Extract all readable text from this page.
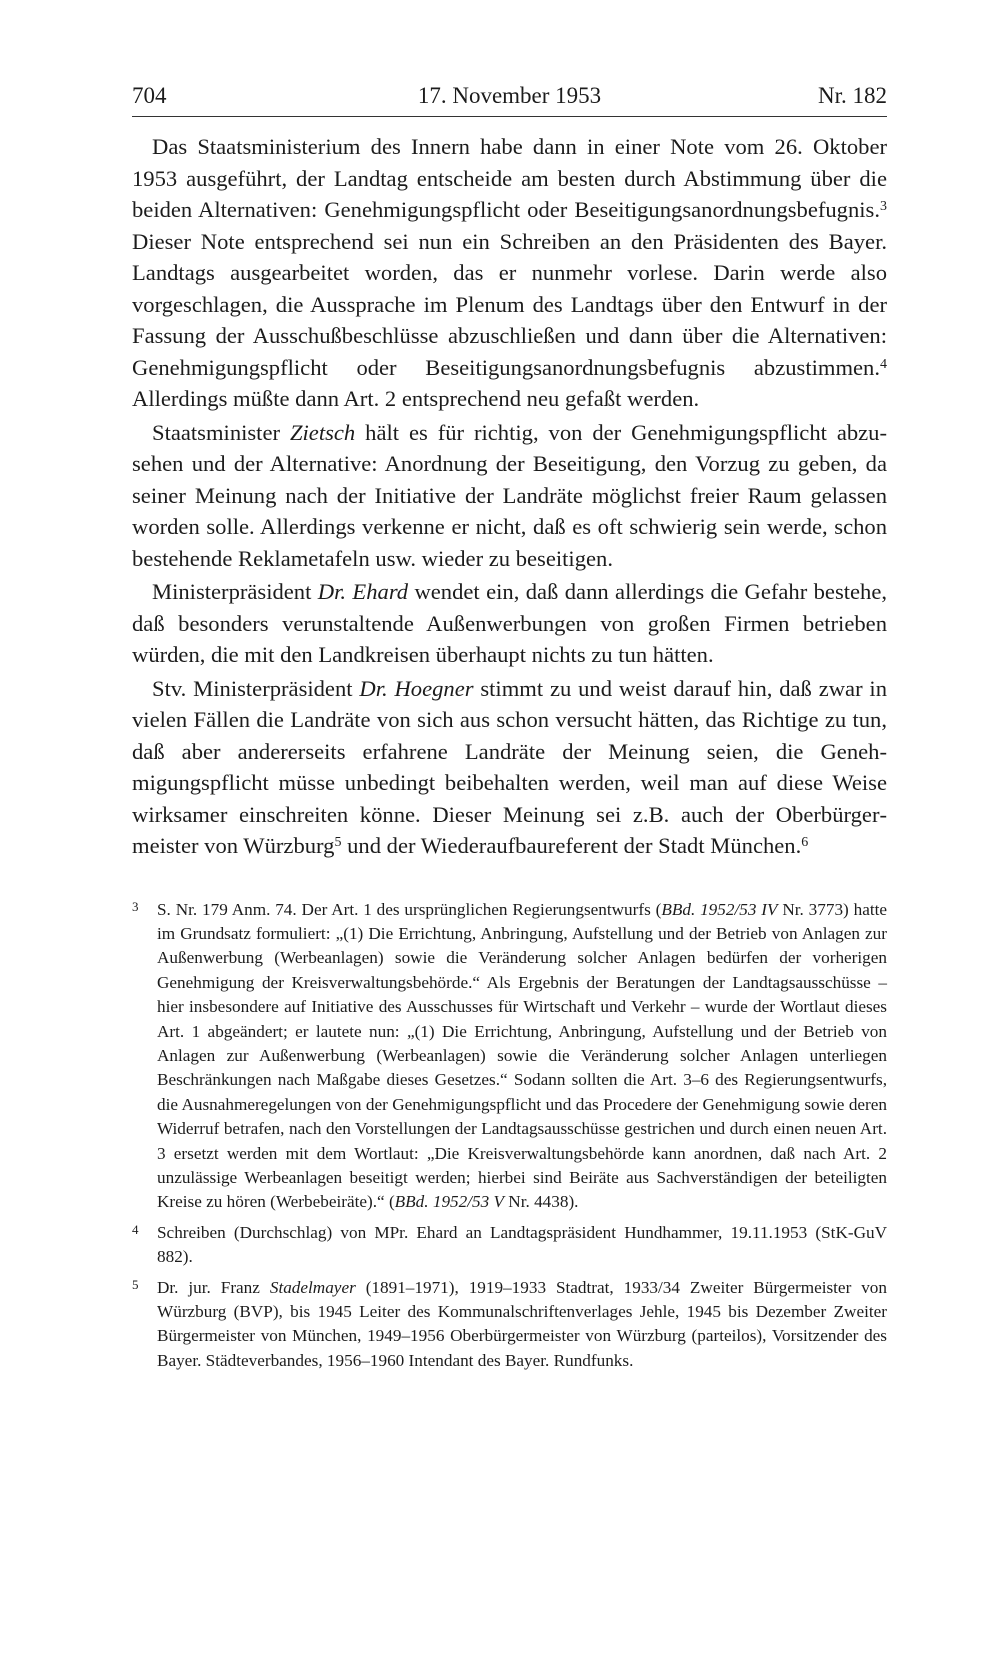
704	17. November 1953	Nr. 182

Das Staatsministerium des Innern habe dann in einer Note vom 26. Oktober 1953 ausgeführt, der Landtag entscheide am besten durch Abstimmung über die beiden Alternativen: Genehmigungspflicht oder Beseitigungsanordnungsbefugnis.$^3$ Dieser Note entsprechend sei nun ein Schreiben an den Präsidenten des Bayer. Landtags ausgearbeitet worden, das er nunmehr vorlese. Darin werde also vorgeschlagen, die Aussprache im Plenum des Landtags über den Entwurf in der Fassung der Ausschußbeschlüsse abzuschließen und dann über die Alternativen: Genehmigungspflicht oder Beseitigungsanordnungsbefugnis abzustimmen.$^4$ Allerdings müßte dann Art. 2 entsprechend neu gefaßt werden.

Staatsminister Zietsch hält es für richtig, von der Genehmigungspflicht abzusehen und der Alternative: Anordnung der Beseitigung, den Vorzug zu geben, da seiner Meinung nach der Initiative der Landräte möglichst freier Raum gelassen worden solle. Allerdings verkenne er nicht, daß es oft schwierig sein werde, schon bestehende Reklametafeln usw. wieder zu beseitigen.

Ministerpräsident Dr. Ehard wendet ein, daß dann allerdings die Gefahr bestehe, daß besonders verunstaltende Außenwerbungen von großen Firmen betrieben würden, die mit den Landkreisen überhaupt nichts zu tun hätten.

Stv. Ministerpräsident Dr. Hoegner stimmt zu und weist darauf hin, daß zwar in vielen Fällen die Landräte von sich aus schon versucht hätten, das Richtige zu tun, daß aber andererseits erfahrene Landräte der Meinung seien, die Genehmigungspflicht müsse unbedingt beibehalten werden, weil man auf diese Weise wirksamer einschreiten könne. Dieser Meinung sei z.B. auch der Oberbürgermeister von Würzburg$^5$ und der Wiederaufbaureferent der Stadt München.$^6$

3 S. Nr. 179 Anm. 74. Der Art. 1 des ursprünglichen Regierungsentwurfs (BBd. 1952/53 IV Nr. 3773) hatte im Grundsatz formuliert: „(1) Die Errichtung, Anbringung, Aufstellung und der Betrieb von Anlagen zur Außenwerbung (Werbeanlagen) sowie die Veränderung solcher Anlagen bedürfen der vorherigen Genehmigung der Kreisverwaltungsbehörde.“ Als Ergebnis der Beratungen der Landtagsausschüsse – hier insbesondere auf Initiative des Ausschusses für Wirtschaft und Verkehr – wurde der Wortlaut dieses Art. 1 abgeändert; er lautete nun: „(1) Die Errichtung, Anbringung, Aufstellung und der Betrieb von Anlagen zur Außenwerbung (Werbeanlagen) sowie die Veränderung solcher Anlagen unterliegen Beschränkungen nach Maßgabe dieses Gesetzes.“ Sodann sollten die Art. 3–6 des Regierungsentwurfs, die Ausnahmeregelungen von der Genehmigungspflicht und das Procedere der Genehmigung sowie deren Widerruf betrafen, nach den Vorstellungen der Landtagsausschüsse gestrichen und durch einen neuen Art. 3 ersetzt werden mit dem Wortlaut: „Die Kreisverwaltungsbehörde kann anordnen, daß nach Art. 2 unzulässige Werbeanlagen beseitigt werden; hierbei sind Beiräte aus Sachverständigen der beteiligten Kreise zu hören (Werbebeiräte).“ (BBd. 1952/53 V Nr. 4438).
4 Schreiben (Durchschlag) von MPr. Ehard an Landtagspräsident Hundhammer, 19.11.1953 (StK-GuV 882).
5 Dr. jur. Franz Stadelmayer (1891–1971), 1919–1933 Stadtrat, 1933/34 Zweiter Bürgermeister von Würzburg (BVP), bis 1945 Leiter des Kommunalschriftenverlages Jehle, 1945 bis Dezember Zweiter Bürgermeister von München, 1949–1956 Oberbürgermeister von Würzburg (parteilos), Vorsitzender des Bayer. Städteverbandes, 1956–1960 Intendant des Bayer. Rundfunks.
